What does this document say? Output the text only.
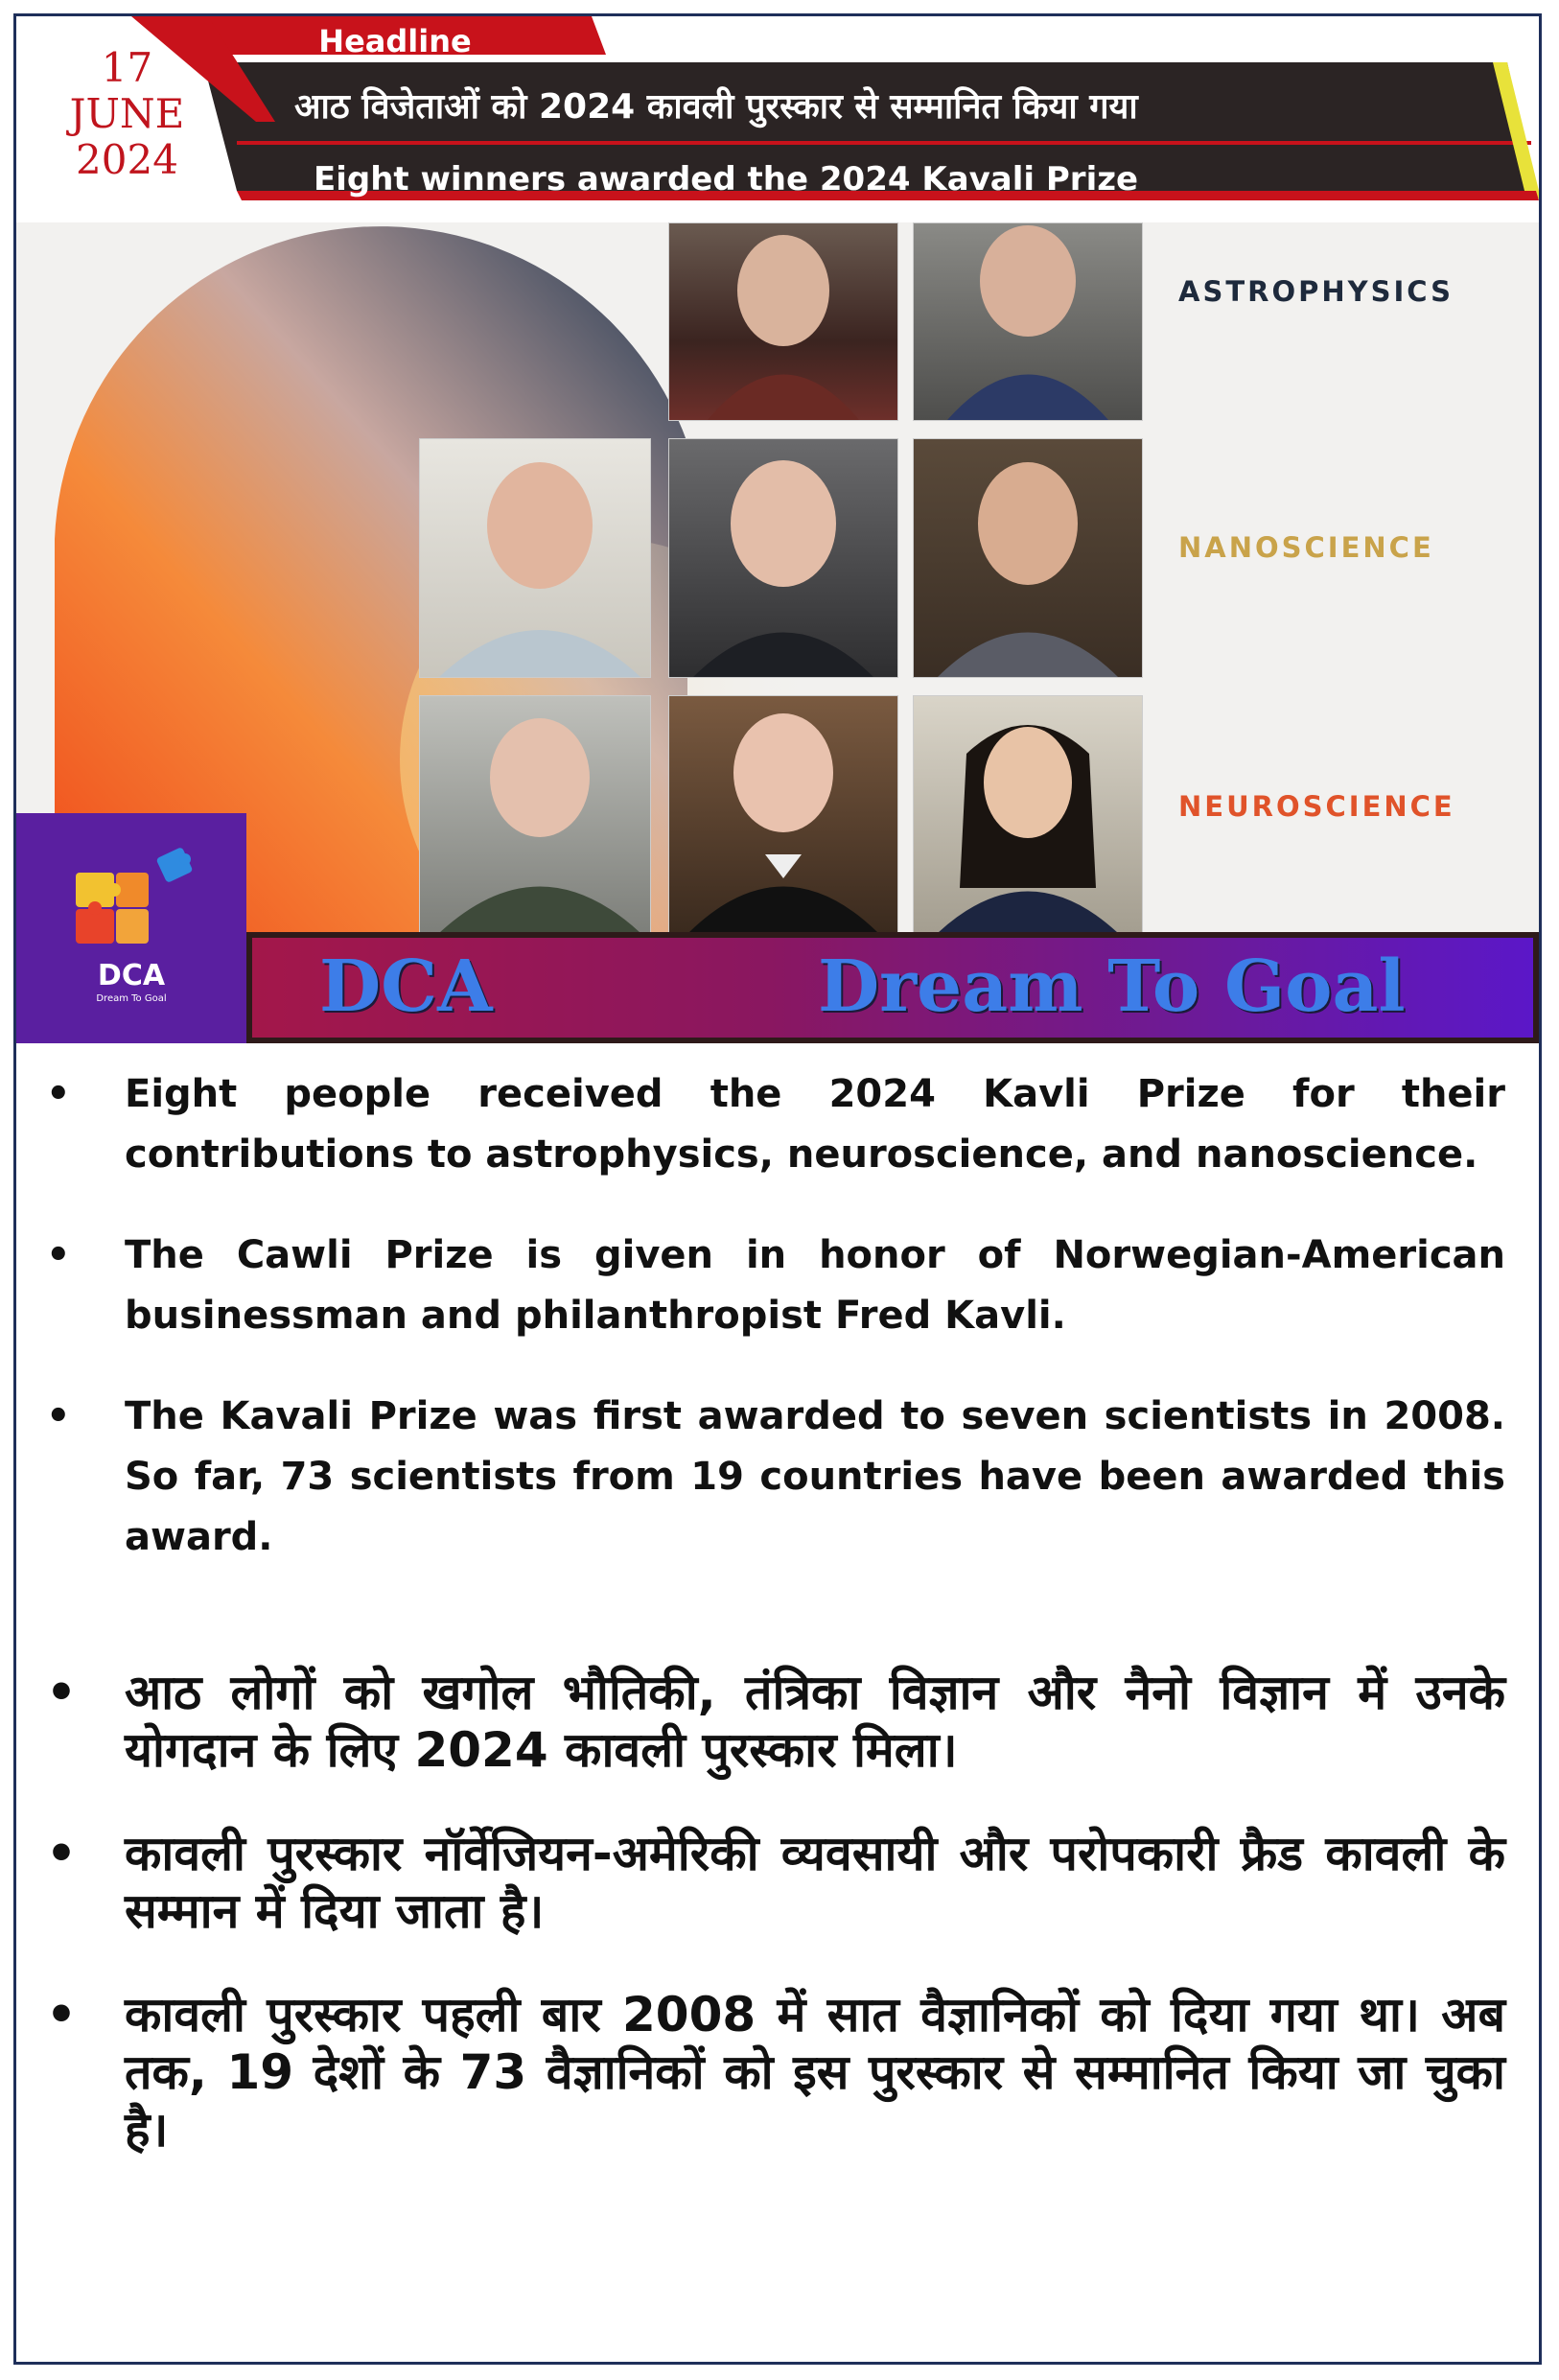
Headline
17
JUNE
2024
आठ विजेताओं को 2024 कावली पुरस्कार से सम्मानित किया गया
Eight winners awarded the 2024 Kavali Prize
ASTROPHYSICS
NANOSCIENCE
NEUROSCIENCE
DCA	Dream To Goal
DCA
Dream To Goal
• Eight people received the 2024 Kavli Prize for their contributions to astrophysics, neuroscience, and nanoscience.
• The Cawli Prize is given in honor of Norwegian-American businessman and philanthropist Fred Kavli.
• The Kavali Prize was first awarded to seven scientists in 2008. So far, 73 scientists from 19 countries have been awarded this award.
• आठ लोगों को खगोल भौतिकी, तंत्रिका विज्ञान और नैनो विज्ञान में उनके योगदान के लिए 2024 कावली पुरस्कार मिला।
• कावली पुरस्कार नॉर्वेजियन-अमेरिकी व्यवसायी और परोपकारी फ्रैड कावली के सम्मान में दिया जाता है।
• कावली पुरस्कार पहली बार 2008 में सात वैज्ञानिकों को दिया गया था। अब तक, 19 देशों के 73 वैज्ञानिकों को इस पुरस्कार से सम्मानित किया जा चुका है।
